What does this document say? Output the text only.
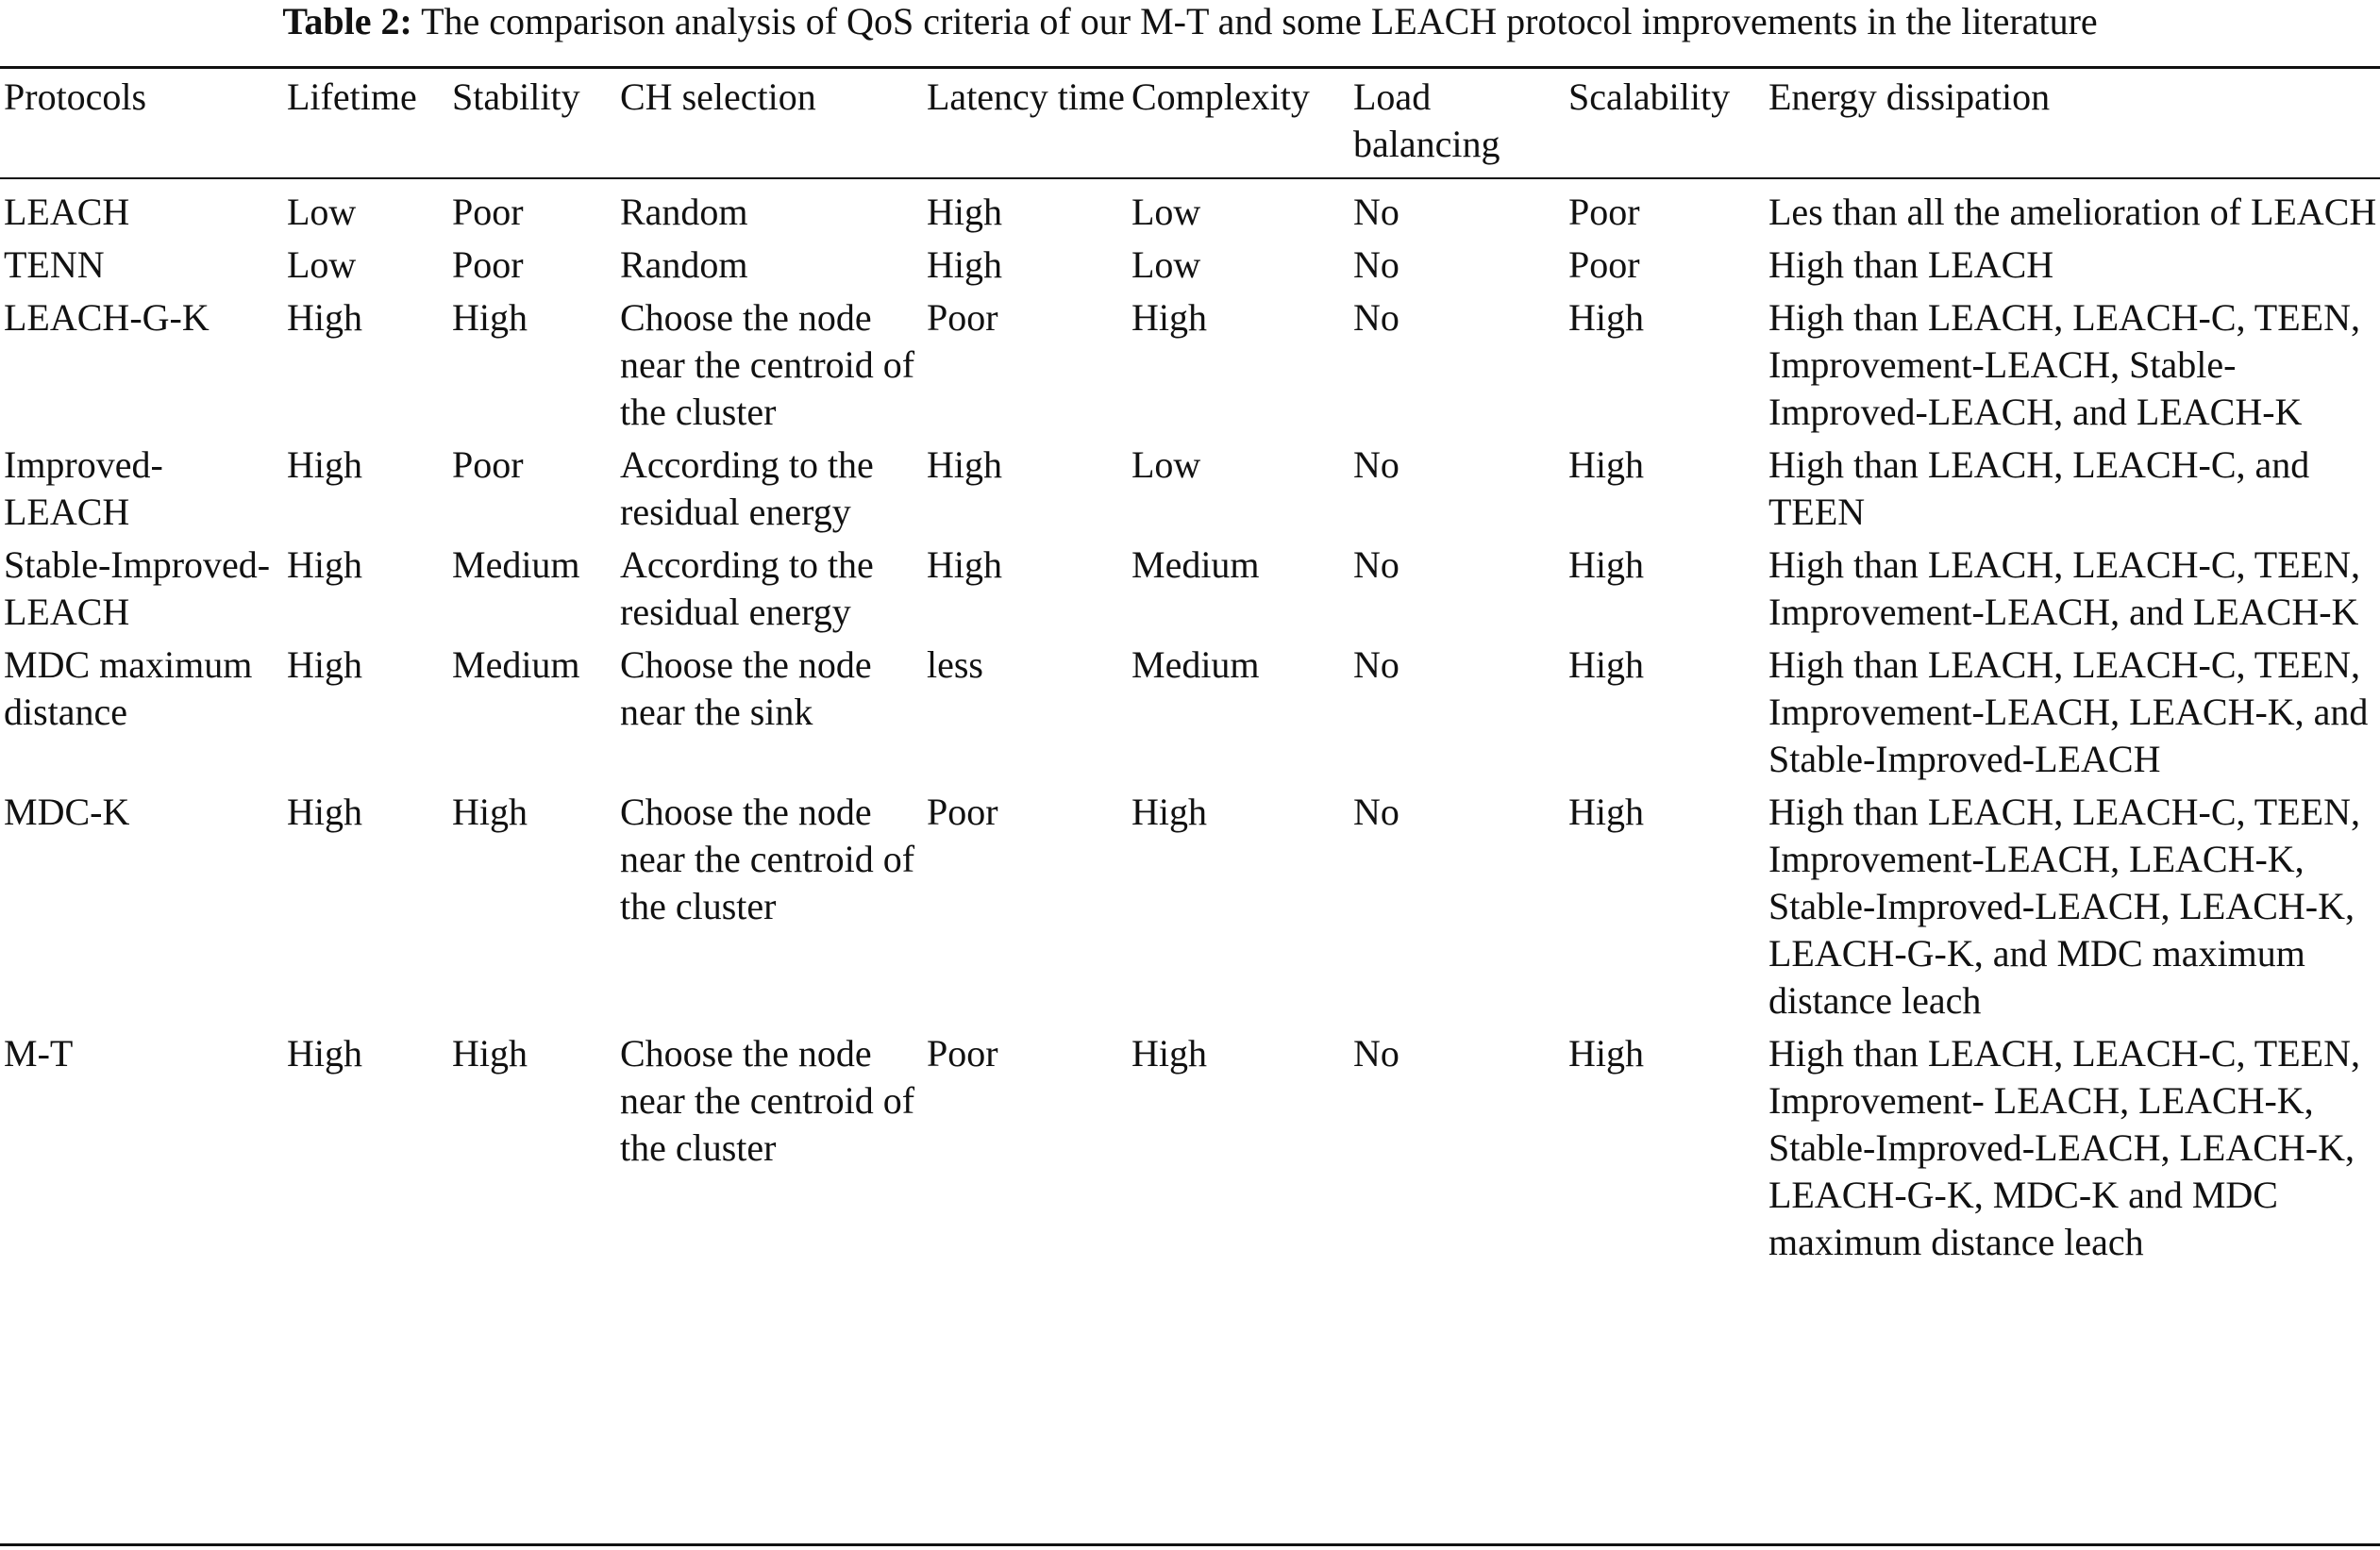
Table 2: The comparison analysis of QoS criteria of our M-T and some LEACH protocol improvements in the literature
Protocols	Lifetime	Stability	CH selection	Latency time	Complexity	Load balancing	Scalability	Energy dissipation
LEACH	Low	Poor	Random	High	Low	No	Poor	Les than all the amelioration of LEACH
TENN	Low	Poor	Random	High	Low	No	Poor	High than LEACH
LEACH-G-K	High	High	Choose the node near the centroid of the cluster	Poor	High	No	High	High than LEACH, LEACH-C, TEEN, Improvement-LEACH, Stable-Improved-LEACH, and LEACH-K
Improved-LEACH	High	Poor	According to the residual energy	High	Low	No	High	High than LEACH, LEACH-C, and TEEN
Stable-Improved-LEACH	High	Medium	According to the residual energy	High	Medium	No	High	High than LEACH, LEACH-C, TEEN, Improvement-LEACH, and LEACH-K
MDC maximum distance	High	Medium	Choose the node near the sink	less	Medium	No	High	High than LEACH, LEACH-C, TEEN, Improvement-LEACH, LEACH-K, and Stable-Improved-LEACH
MDC-K	High	High	Choose the node near the centroid of the cluster	Poor	High	No	High	High than LEACH, LEACH-C, TEEN, Improvement-LEACH, LEACH-K, Stable-Improved-LEACH, LEACH-K, LEACH-G-K, and MDC maximum distance leach
M-T	High	High	Choose the node near the centroid of the cluster	Poor	High	No	High	High than LEACH, LEACH-C, TEEN, Improvement- LEACH, LEACH-K, Stable-Improved-LEACH, LEACH-K, LEACH-G-K, MDC-K and MDC maximum distance leach
